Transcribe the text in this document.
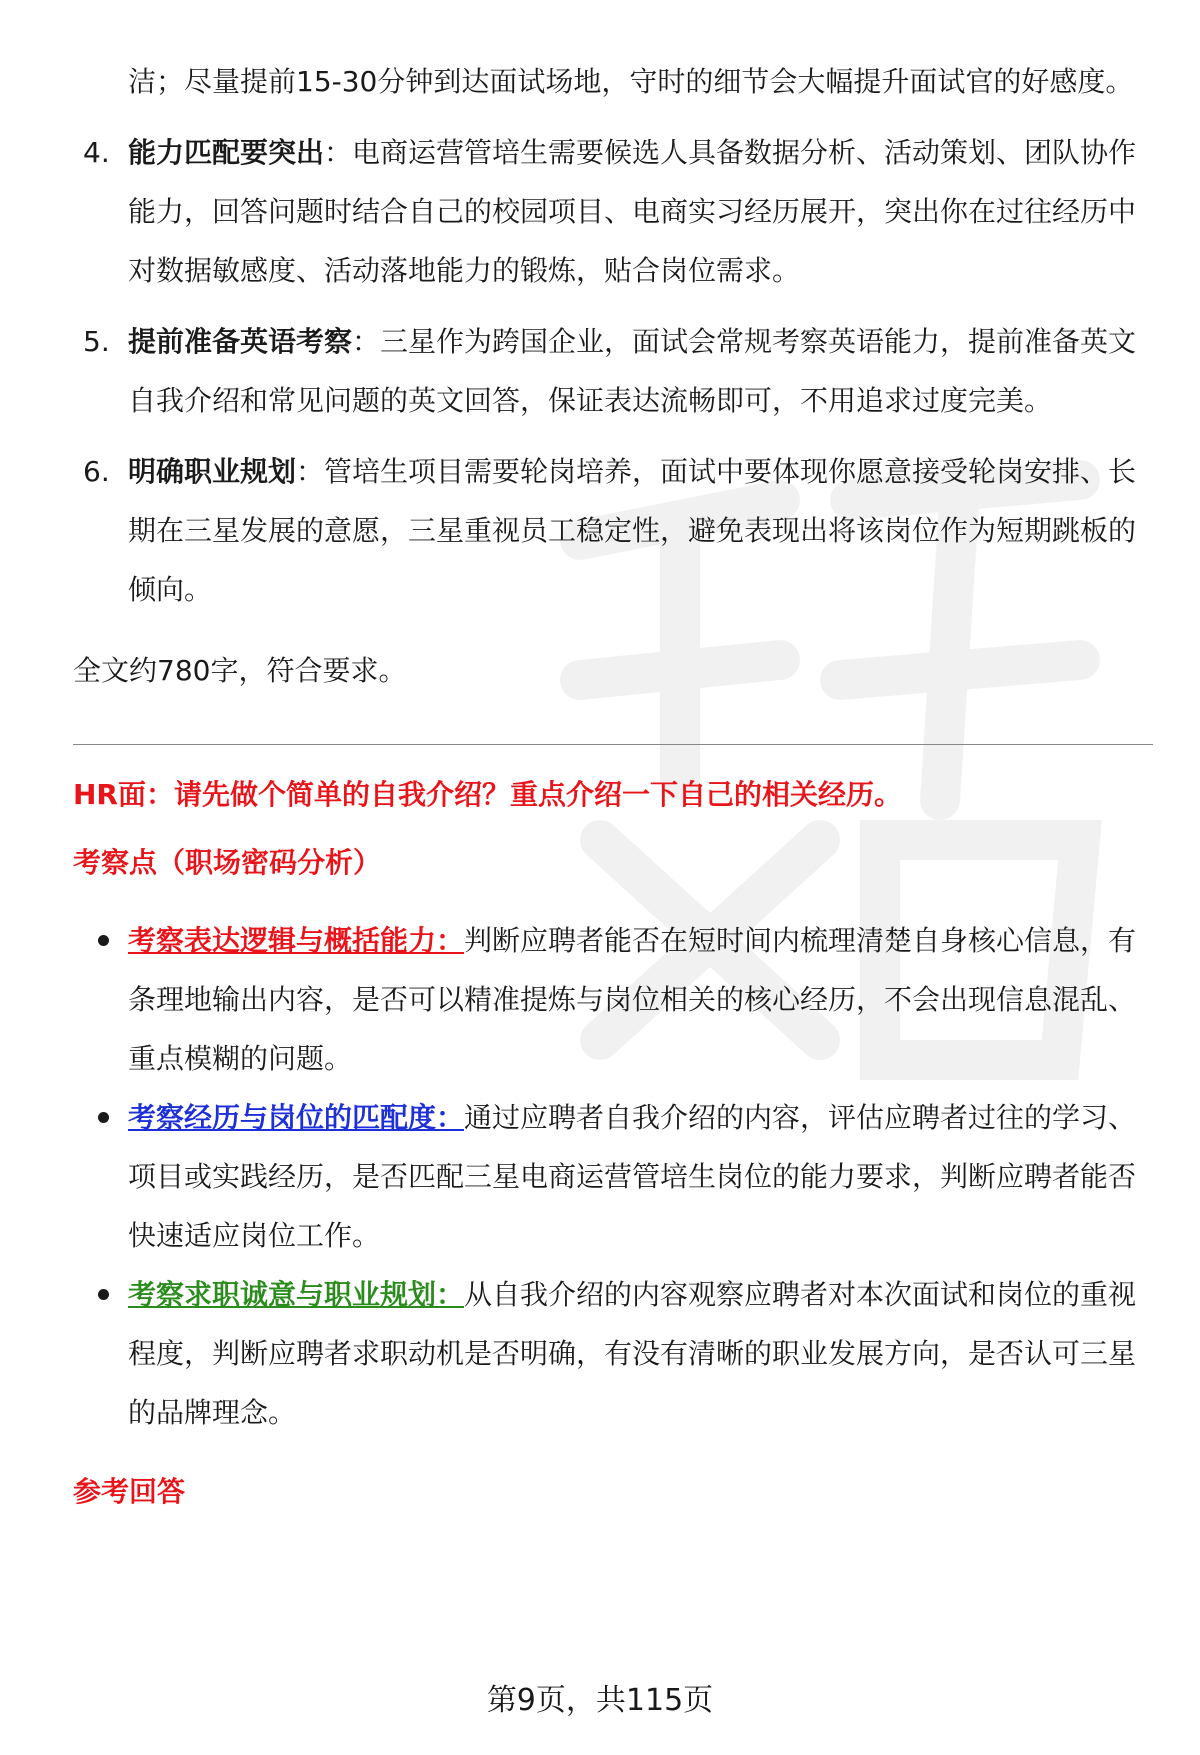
洁；尽量提前15-30分钟到达面试场地，守时的细节会大幅提升面试官的好感度。

4. 能力匹配要突出：电商运营管培生需要候选人具备数据分析、活动策划、团队协作能力，回答问题时结合自己的校园项目、电商实习经历展开，突出你在过往经历中对数据敏感度、活动落地能力的锻炼，贴合岗位需求。

5. 提前准备英语考察：三星作为跨国企业，面试会常规考察英语能力，提前准备英文自我介绍和常见问题的英文回答，保证表达流畅即可，不用追求过度完美。

6. 明确职业规划：管培生项目需要轮岗培养，面试中要体现你愿意接受轮岗安排、长期在三星发展的意愿，三星重视员工稳定性，避免表现出将该岗位作为短期跳板的倾向。

全文约780字，符合要求。

HR面：请先做个简单的自我介绍？重点介绍一下自己的相关经历。

考察点（职场密码分析）

考察表达逻辑与概括能力：判断应聘者能否在短时间内梳理清楚自身核心信息，有条理地输出内容，是否可以精准提炼与岗位相关的核心经历，不会出现信息混乱、重点模糊的问题。

考察经历与岗位的匹配度：通过应聘者自我介绍的内容，评估应聘者过往的学习、项目或实践经历，是否匹配三星电商运营管培生岗位的能力要求，判断应聘者能否快速适应岗位工作。

考察求职诚意与职业规划：从自我介绍的内容观察应聘者对本次面试和岗位的重视程度，判断应聘者求职动机是否明确，有没有清晰的职业发展方向，是否认可三星的品牌理念。

参考回答

第9页，共115页
